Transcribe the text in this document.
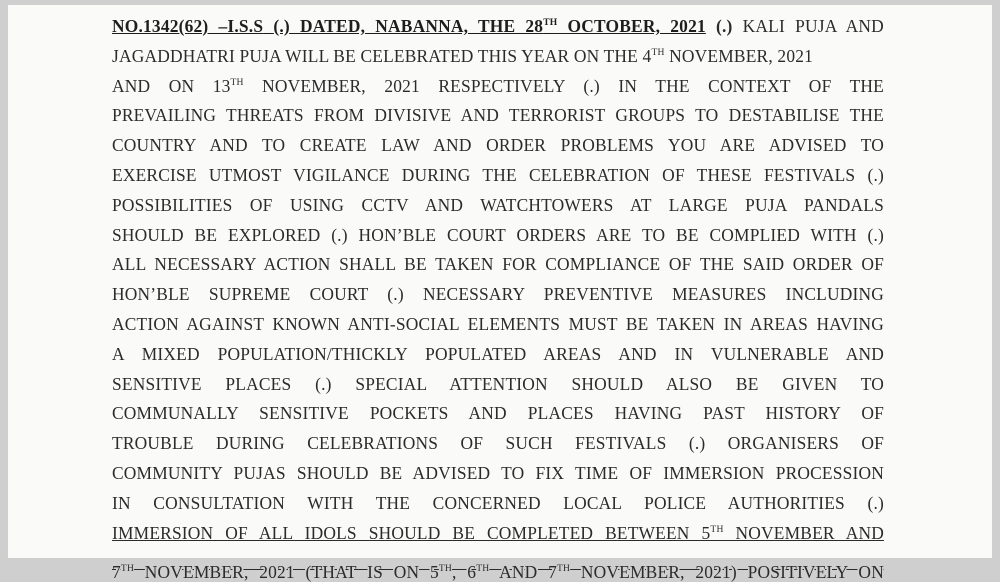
NO.1342(62) –I.S.S (.) DATED, NABANNA, THE 28TH OCTOBER, 2021 (.) KALI PUJA AND
JAGADDHATRI PUJA WILL BE CELEBRATED THIS YEAR ON THE 4TH NOVEMBER, 2021
AND ON 13TH NOVEMBER, 2021 RESPECTIVELY (.) IN THE CONTEXT OF THE
PREVAILING THREATS FROM DIVISIVE AND TERRORIST GROUPS TO DESTABILISE THE
COUNTRY AND TO CREATE LAW AND ORDER PROBLEMS YOU ARE ADVISED TO
EXERCISE UTMOST VIGILANCE DURING THE CELEBRATION OF THESE FESTIVALS (.)
POSSIBILITIES OF USING CCTV AND WATCHTOWERS AT LARGE PUJA PANDALS
SHOULD BE EXPLORED (.) HON’BLE COURT ORDERS ARE TO BE COMPLIED WITH (.)
ALL NECESSARY ACTION SHALL BE TAKEN FOR COMPLIANCE OF THE SAID ORDER OF
HON’BLE SUPREME COURT (.) NECESSARY PREVENTIVE MEASURES INCLUDING
ACTION AGAINST KNOWN ANTI-SOCIAL ELEMENTS MUST BE TAKEN IN AREAS HAVING
A MIXED POPULATION/THICKLY POPULATED AREAS AND IN VULNERABLE AND
SENSITIVE PLACES (.) SPECIAL ATTENTION SHOULD ALSO BE GIVEN TO
COMMUNALLY SENSITIVE POCKETS AND PLACES HAVING PAST HISTORY OF
TROUBLE DURING CELEBRATIONS OF SUCH FESTIVALS (.) ORGANISERS OF
COMMUNITY PUJAS SHOULD BE ADVISED TO FIX TIME OF IMMERSION PROCESSION
IN CONSULTATION WITH THE CONCERNED LOCAL POLICE AUTHORITIES (.)
IMMERSION OF ALL IDOLS SHOULD BE COMPLETED BETWEEN 5TH NOVEMBER AND
7TH NOVEMBER, 2021 (THAT IS ON 5TH, 6TH AND 7TH NOVEMBER, 2021) POSITIVELY ON
